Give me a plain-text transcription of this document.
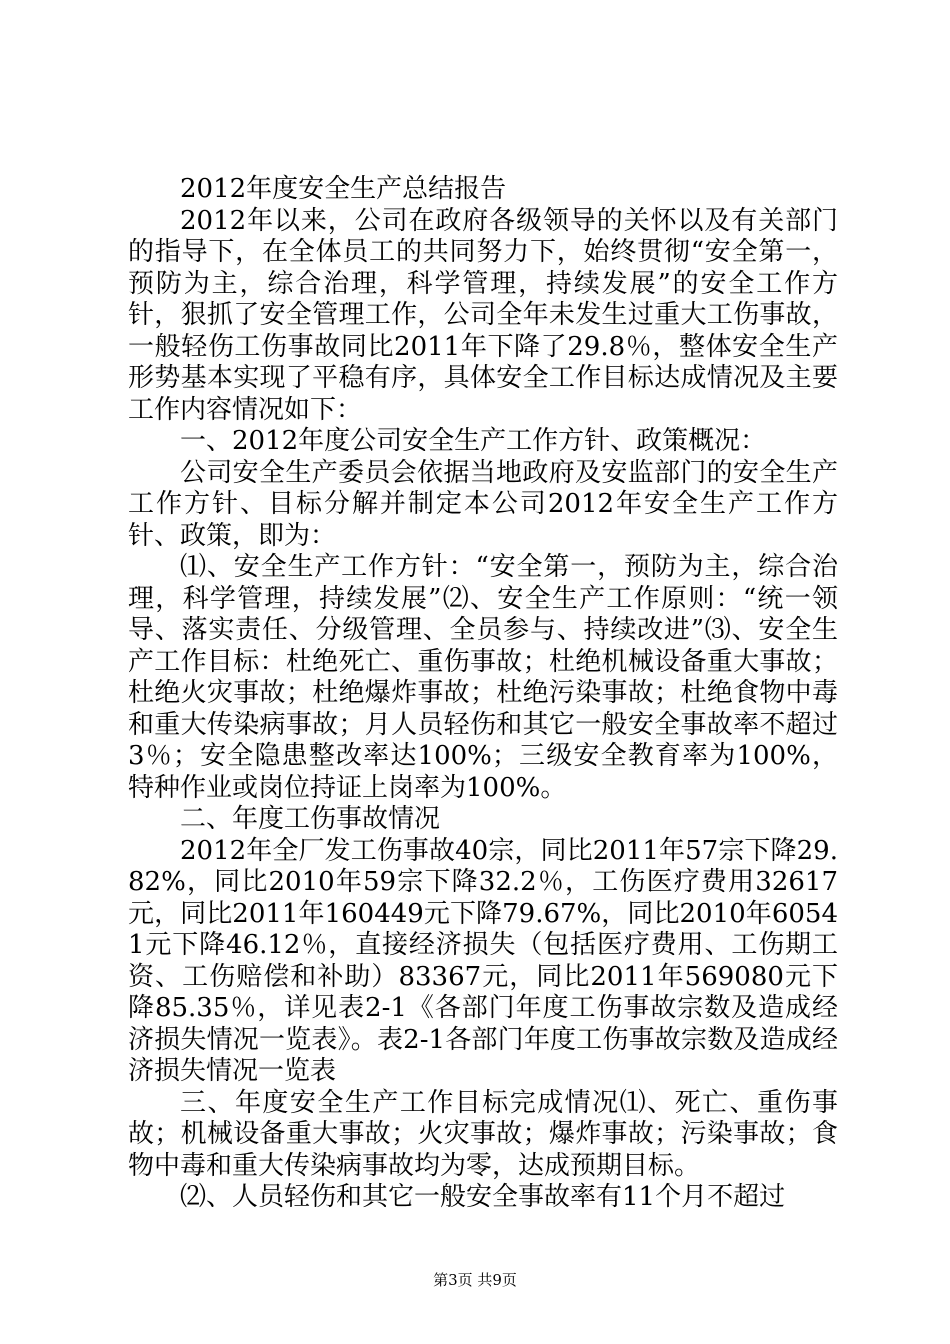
2012年度安全生产总结报告

2012年以来，公司在政府各级领导的关怀以及有关部门的指导下，在全体员工的共同努力下，始终贯彻“安全第一，预防为主，综合治理，科学管理，持续发展”的安全工作方针，狠抓了安全管理工作，公司全年未发生过重大工伤事故，一般轻伤工伤事故同比2011年下降了29.8％，整体安全生产形势基本实现了平稳有序，具体安全工作目标达成情况及主要工作内容情况如下：

一、2012年度公司安全生产工作方针、政策概况：

公司安全生产委员会依据当地政府及安监部门的安全生产工作方针、目标分解并制定本公司2012年安全生产工作方针、政策，即为：

⑴、安全生产工作方针：“安全第一，预防为主，综合治理，科学管理，持续发展”⑵、安全生产工作原则：“统一领导、落实责任、分级管理、全员参与、持续改进”⑶、安全生产工作目标：杜绝死亡、重伤事故；杜绝机械设备重大事故；杜绝火灾事故；杜绝爆炸事故；杜绝污染事故；杜绝食物中毒和重大传染病事故；月人员轻伤和其它一般安全事故率不超过3％；安全隐患整改率达100%；三级安全教育率为100%，特种作业或岗位持证上岗率为100%。

二、年度工伤事故情况

2012年全厂发工伤事故40宗，同比2011年57宗下降29.82%，同比2010年59宗下降32.2％，工伤医疗费用32617元，同比2011年160449元下降79.67%，同比2010年60541元下降46.12％，直接经济损失（包括医疗费用、工伤期工资、工伤赔偿和补助）83367元，同比2011年569080元下降85.35％，详见表2-1《各部门年度工伤事故宗数及造成经济损失情况一览表》。表2-1各部门年度工伤事故宗数及造成经济损失情况一览表

三、年度安全生产工作目标完成情况⑴、死亡、重伤事故；机械设备重大事故；火灾事故；爆炸事故；污染事故；食物中毒和重大传染病事故均为零，达成预期目标。

⑵、人员轻伤和其它一般安全事故率有11个月不超过

第3页 共9页
